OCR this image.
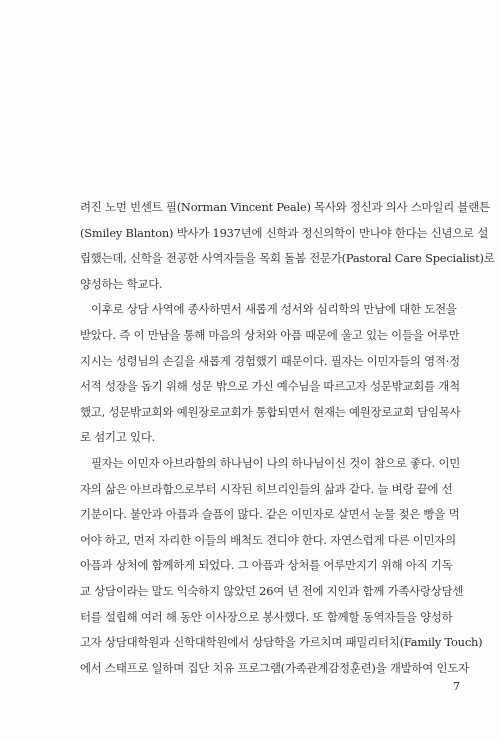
려진 노먼 빈센트 필(Norman Vincent Peale) 목사와 정신과 의사 스마일리 블랜튼
(Smiley Blanton) 박사가 1937년에 신학과 정신의학이 만나야 한다는 신념으로 설
립했는데, 신학을 전공한 사역자들을 목회 돌봄 전문가(Pastoral Care Specialist)로
양성하는 학교다.
이후로 상담 사역에 종사하면서 새롭게 성서와 심리학의 만남에 대한 도전을
받았다. 즉 이 만남을 통해 마음의 상처와 아픔 때문에 울고 있는 이들을 어루만
지시는 성령님의 손길을 새롭게 경험했기 때문이다. 필자는 이민자들의 영적·정
서적 성장을 돕기 위해 성문 밖으로 가신 예수님을 따르고자 성문밖교회를 개척
했고, 성문밖교회와 예원장로교회가 통합되면서 현재는 예원장로교회 담임목사
로 섬기고 있다.
필자는 이민자 아브라함의 하나님이 나의 하나님이신 것이 참으로 좋다. 이민
자의 삶은 아브라함으로부터 시작된 히브리인들의 삶과 같다. 늘 벼랑 끝에 선
기분이다. 불안과 아픔과 슬픔이 많다. 같은 이민자로 살면서 눈물 젖은 빵을 먹
어야 하고, 먼저 자리한 이들의 배척도 견디야 한다. 자연스럽게 다른 이민자의
아픔과 상처에 함께하게 되었다. 그 아픔과 상처를 어루만지기 위해 아직 기독
교 상담이라는 말도 익숙하지 않았던 26여 년 전에 지인과 함께 가족사랑상담센
터를 설립해 여러 해 동안 이사장으로 봉사했다. 또 함께할 동역자들을 양성하
고자 상담대학원과 신학대학원에서 상담학을 가르치며 패밀리터치(Family Touch)
에서 스태프로 일하며 집단 치유 프로그램(가족관계감정훈련)을 개발하여 인도자
7
